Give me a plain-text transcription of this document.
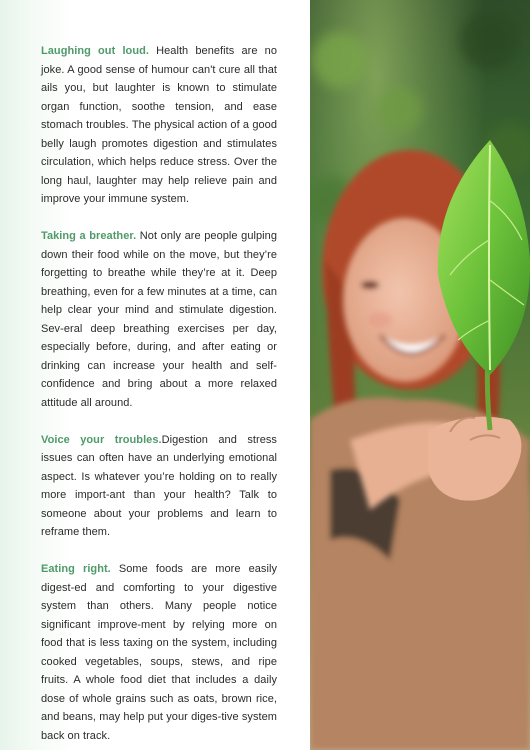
Laughing out loud. Health benefits are no joke. A good sense of humour can't cure all that ails you, but laughter is known to stimulate organ function, soothe tension, and ease stomach troubles. The physical action of a good belly laugh promotes digestion and stimulates circulation, which helps reduce stress. Over the long haul, laughter may help relieve pain and improve your immune system.

Taking a breather. Not only are people gulping down their food while on the move, but they’re forgetting to breathe while they’re at it. Deep breathing, even for a few minutes at a time, can help clear your mind and stimulate digestion. Sev-eral deep breathing exercises per day, especially before, during, and after eating or drinking can increase your health and self-confidence and bring about a more relaxed attitude all around.

Voice your troubles.Digestion and stress issues can often have an underlying emotional aspect. Is whatever you’re holding on to really more import-ant than your health? Talk to someone about your problems and learn to reframe them.

Eating right. Some foods are more easily digest-ed and comforting to your digestive system than others. Many people notice significant improve-ment by relying more on food that is less taxing on the system, including cooked vegetables, soups, stews, and ripe fruits. A whole food diet that includes a daily dose of whole grains such as oats, brown rice, and beans, may help put your diges-tive system back on track.
